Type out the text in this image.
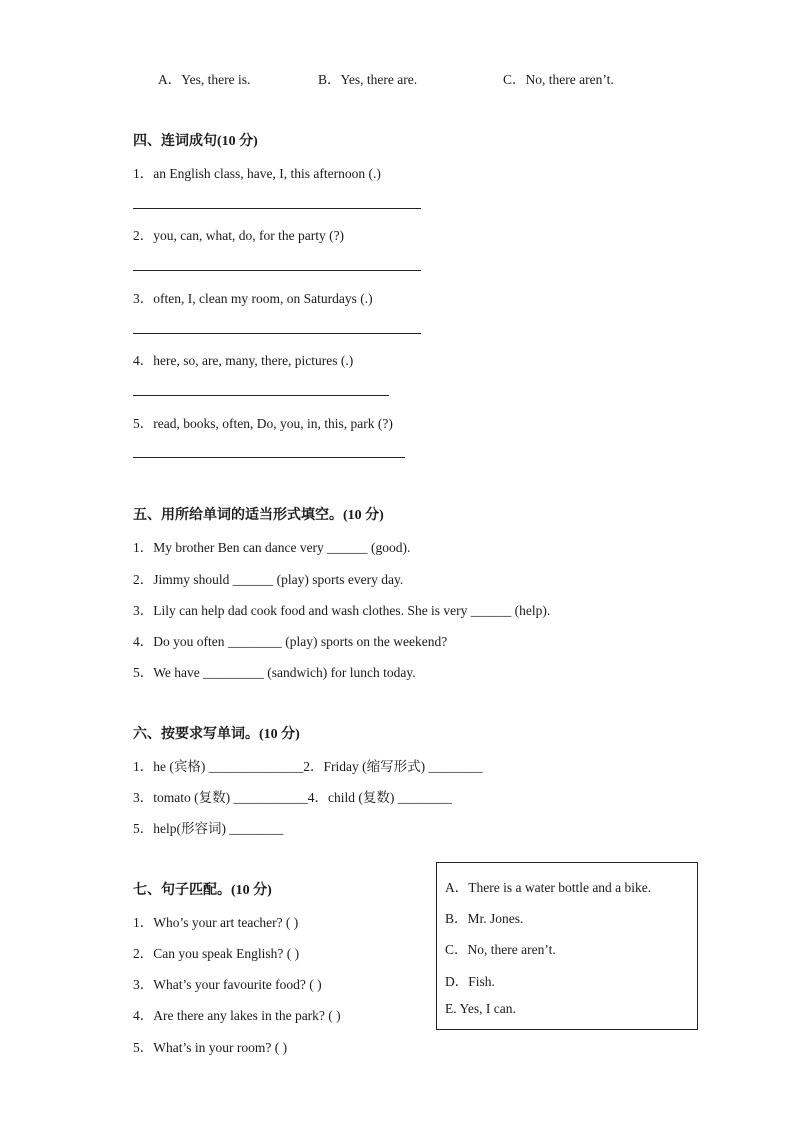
A．Yes, there is.	B．Yes, there are.	C．No, there aren’t.
四、连词成句(10 分)
1．an English class, have, I, this afternoon (.)
2．you, can, what, do, for the party (?)
3．often, I, clean my room, on Saturdays (.)
4．here, so, are, many, there, pictures (.)
5．read, books, often, Do, you, in, this, park (?)
五、用所给单词的适当形式填空。(10 分)
1．My brother Ben can dance very ______ (good).
2．Jimmy should ______ (play) sports every day.
3．Lily can help dad cook food and wash clothes. She is very ______ (help).
4．Do you often ________ (play) sports on the weekend?
5．We have _________ (sandwich) for lunch today.
六、按要求写单词。(10 分)
1．he (宾格) ______________2．Friday (缩写形式) ________
3．tomato (复数) ___________4．child (复数) ________
5．help(形容词) ________
七、句子匹配。(10 分)
1．Who’s your art teacher? ( )
2．Can you speak English? ( )
3．What’s your favourite food? ( )
4．Are there any lakes in the park? ( )
5．What’s in your room? ( )
A．There is a water bottle and a bike.
B．Mr. Jones.
C．No, there aren’t.
D．Fish.
E. Yes, I can.
